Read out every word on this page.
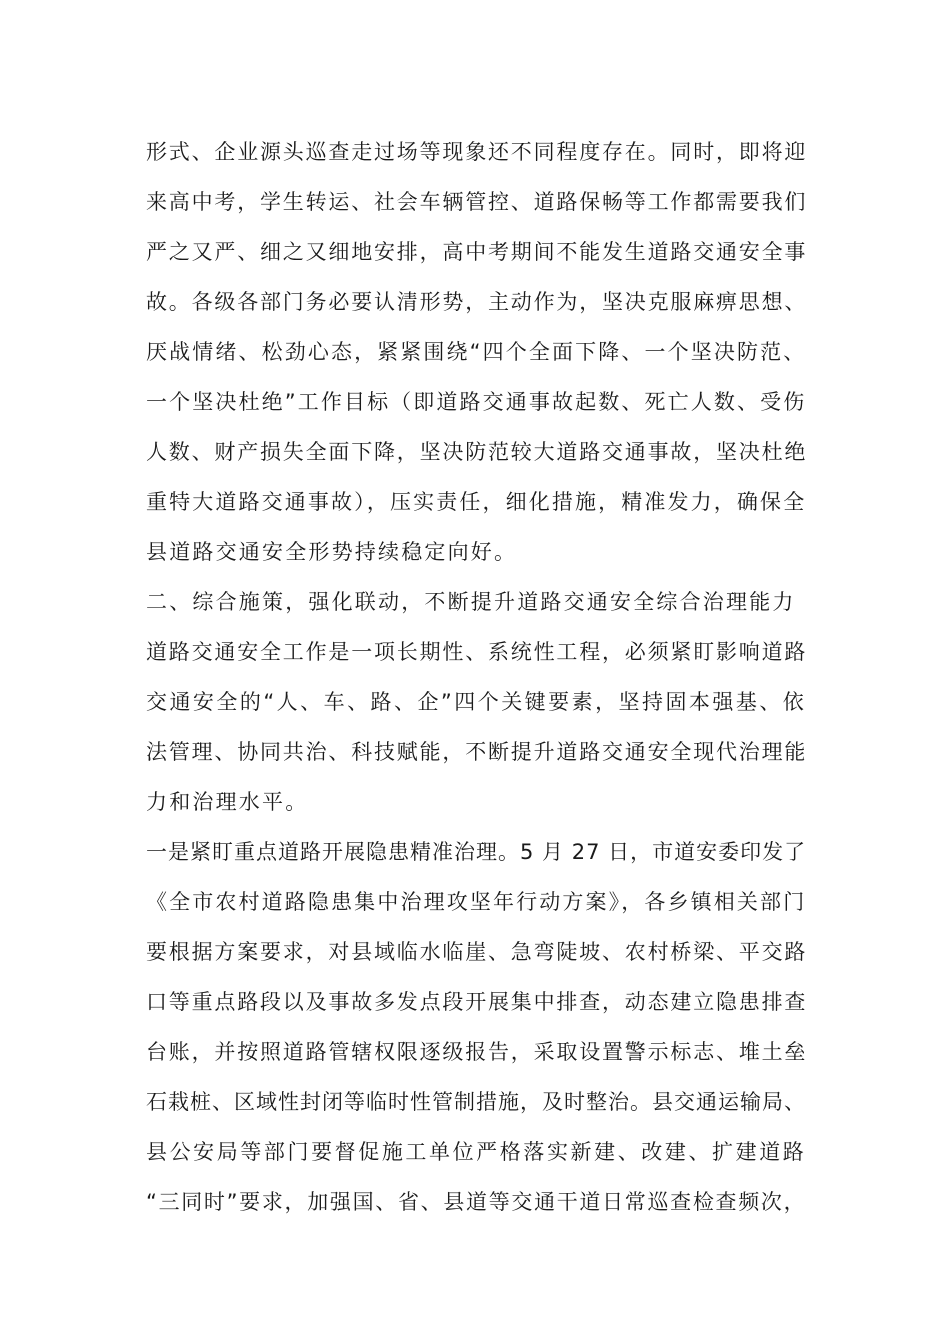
形式、企业源头巡查走过场等现象还不同程度存在。同时，即将迎
来高中考，学生转运、社会车辆管控、道路保畅等工作都需要我们
严之又严、细之又细地安排，高中考期间不能发生道路交通安全事
故。各级各部门务必要认清形势，主动作为，坚决克服麻痹思想、
厌战情绪、松劲心态，紧紧围绕“四个全面下降、一个坚决防范、
一个坚决杜绝”工作目标（即道路交通事故起数、死亡人数、受伤
人数、财产损失全面下降，坚决防范较大道路交通事故，坚决杜绝
重特大道路交通事故），压实责任，细化措施，精准发力，确保全
县道路交通安全形势持续稳定向好。
二、综合施策，强化联动，不断提升道路交通安全综合治理能力
道路交通安全工作是一项长期性、系统性工程，必须紧盯影响道路
交通安全的“人、车、路、企”四个关键要素，坚持固本强基、依
法管理、协同共治、科技赋能，不断提升道路交通安全现代治理能
力和治理水平。
一是紧盯重点道路开展隐患精准治理。5 月 27 日，市道安委印发了
《全市农村道路隐患集中治理攻坚年行动方案》，各乡镇相关部门
要根据方案要求，对县域临水临崖、急弯陡坡、农村桥梁、平交路
口等重点路段以及事故多发点段开展集中排查，动态建立隐患排查
台账，并按照道路管辖权限逐级报告，采取设置警示标志、堆土垒
石栽桩、区域性封闭等临时性管制措施，及时整治。县交通运输局、
县公安局等部门要督促施工单位严格落实新建、改建、扩建道路
“三同时”要求，加强国、省、县道等交通干道日常巡查检查频次，
